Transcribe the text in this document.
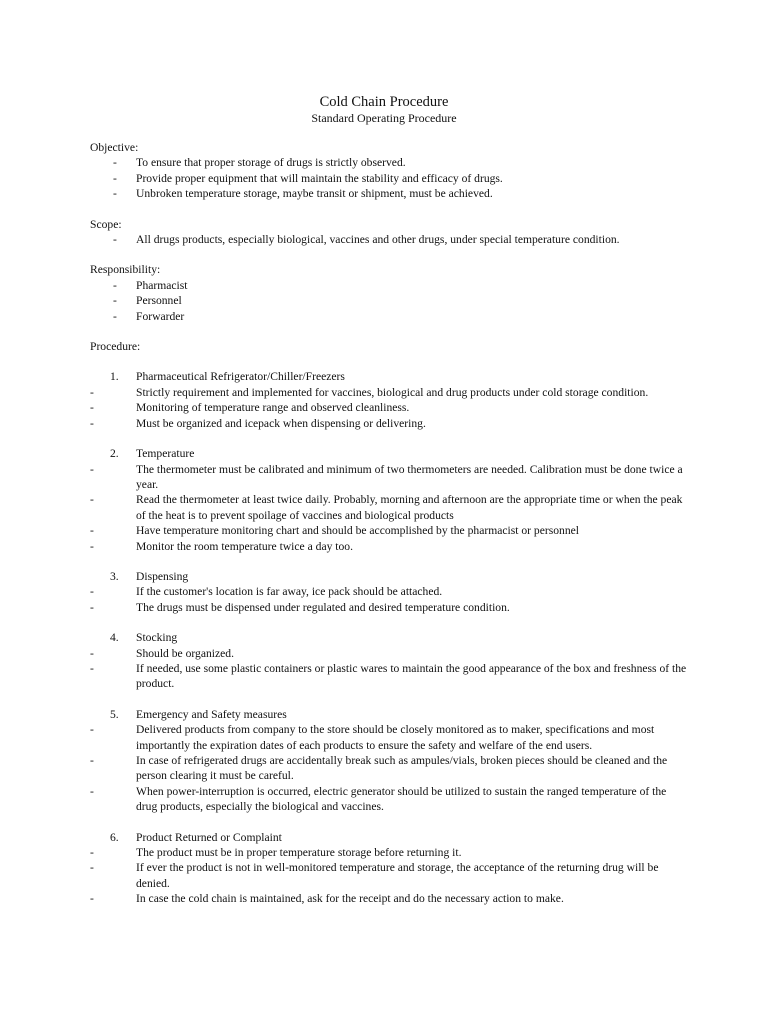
Cold Chain Procedure
Standard Operating Procedure
Objective:
- To ensure that proper storage of drugs is strictly observed.
- Provide proper equipment that will maintain the stability and efficacy of drugs.
- Unbroken temperature storage, maybe transit or shipment, must be achieved.
Scope:
- All drugs products, especially biological, vaccines and other drugs, under special temperature condition.
Responsibility:
- Pharmacist
- Personnel
- Forwarder
Procedure:
1. Pharmaceutical Refrigerator/Chiller/Freezers
-	Strictly requirement and implemented for vaccines, biological and drug products under cold storage condition.
-	Monitoring of temperature range and observed cleanliness.
-	Must be organized and icepack when dispensing or delivering.
2. Temperature
-	The thermometer must be calibrated and minimum of two thermometers are needed. Calibration must be done twice a year.
-	Read the thermometer at least twice daily. Probably, morning and afternoon are the appropriate time or when the peak of the heat is to prevent spoilage of vaccines and biological products
-	Have temperature monitoring chart and should be accomplished by the pharmacist or personnel
-	Monitor the room temperature twice a day too.
3. Dispensing
-	If the customer's location is far away, ice pack should be attached.
-	The drugs must be dispensed under regulated and desired temperature condition.
4. Stocking
-	Should be organized.
-	If needed, use some plastic containers or plastic wares to maintain the good appearance of the box and freshness of the product.
5. Emergency and Safety measures
-	Delivered products from company to the store should be closely monitored as to maker, specifications and most importantly the expiration dates of each products to ensure the safety and welfare of the end users.
-	In case of refrigerated drugs are accidentally break such as ampules/vials, broken pieces should be cleaned and the person clearing it must be careful.
-	When power-interruption is occurred, electric generator should be utilized to sustain the ranged temperature of the drug products, especially the biological and vaccines.
6. Product Returned or Complaint
-	The product must be in proper temperature storage before returning it.
-	If ever the product is not in well-monitored temperature and storage, the acceptance of the returning drug will be denied.
-	In case the cold chain is maintained, ask for the receipt and do the necessary action to make.
